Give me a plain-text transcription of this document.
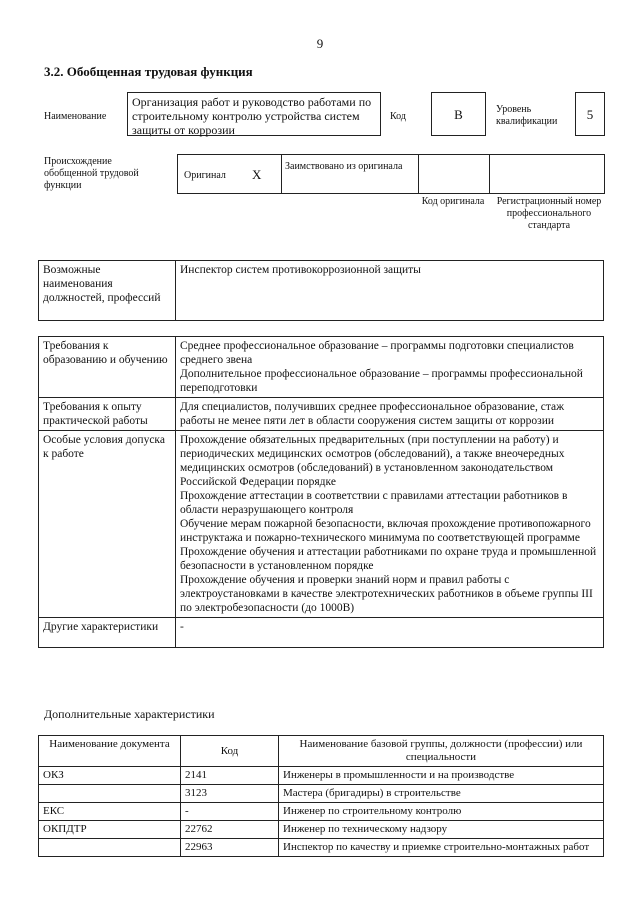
9
3.2. Обобщенная трудовая функция
Наименование
Организация работ и руководство работами по строительному контролю устройства систем защиты от коррозии
Код	В	Уровень квалификации	5
Происхождение обобщенной трудовой функции
Оригинал X
Заимствовано из оригинала
Код оригинала	Регистрационный номер профессионального стандарта
Возможные наименования должностей, профессий	Инспектор систем противокоррозионной защиты
Требования к образованию и обучению	Среднее профессиональное образование – программы подготовки специалистов среднего звена
Дополнительное профессиональное образование – программы профессиональной переподготовки

Требования к опыту практической работы	Для специалистов, получивших среднее профессиональное образование, стаж работы не менее пяти лет в области сооружения систем защиты от коррозии

Особые условия допуска к работе	Прохождение обязательных предварительных (при поступлении на работу) и периодических медицинских осмотров (обследований), а также внеочередных медицинских осмотров (обследований) в установленном законодательством Российской Федерации порядке
Прохождение аттестации в соответствии с правилами аттестации работников в области неразрушающего контроля
Обучение мерам пожарной безопасности, включая прохождение противопожарного инструктажа и пожарно-технического минимума по соответствующей программе
Прохождение обучения и аттестации работниками по охране труда и промышленной безопасности в установленном порядке
Прохождение обучения и проверки знаний норм и правил работы с электроустановками в качестве электротехнических работников в объеме группы III по электробезопасности (до 1000В)

Другие характеристики	-
Дополнительные характеристики
Наименование документа	Код	Наименование базовой группы, должности (профессии) или специальности
ОКЗ	2141	Инженеры в промышленности и на производстве
	3123	Мастера (бригадиры) в строительстве
ЕКС	-	Инженер по строительному контролю
ОКПДТР	22762	Инженер по техническому надзору
	22963	Инспектор по качеству и приемке строительно-монтажных работ
